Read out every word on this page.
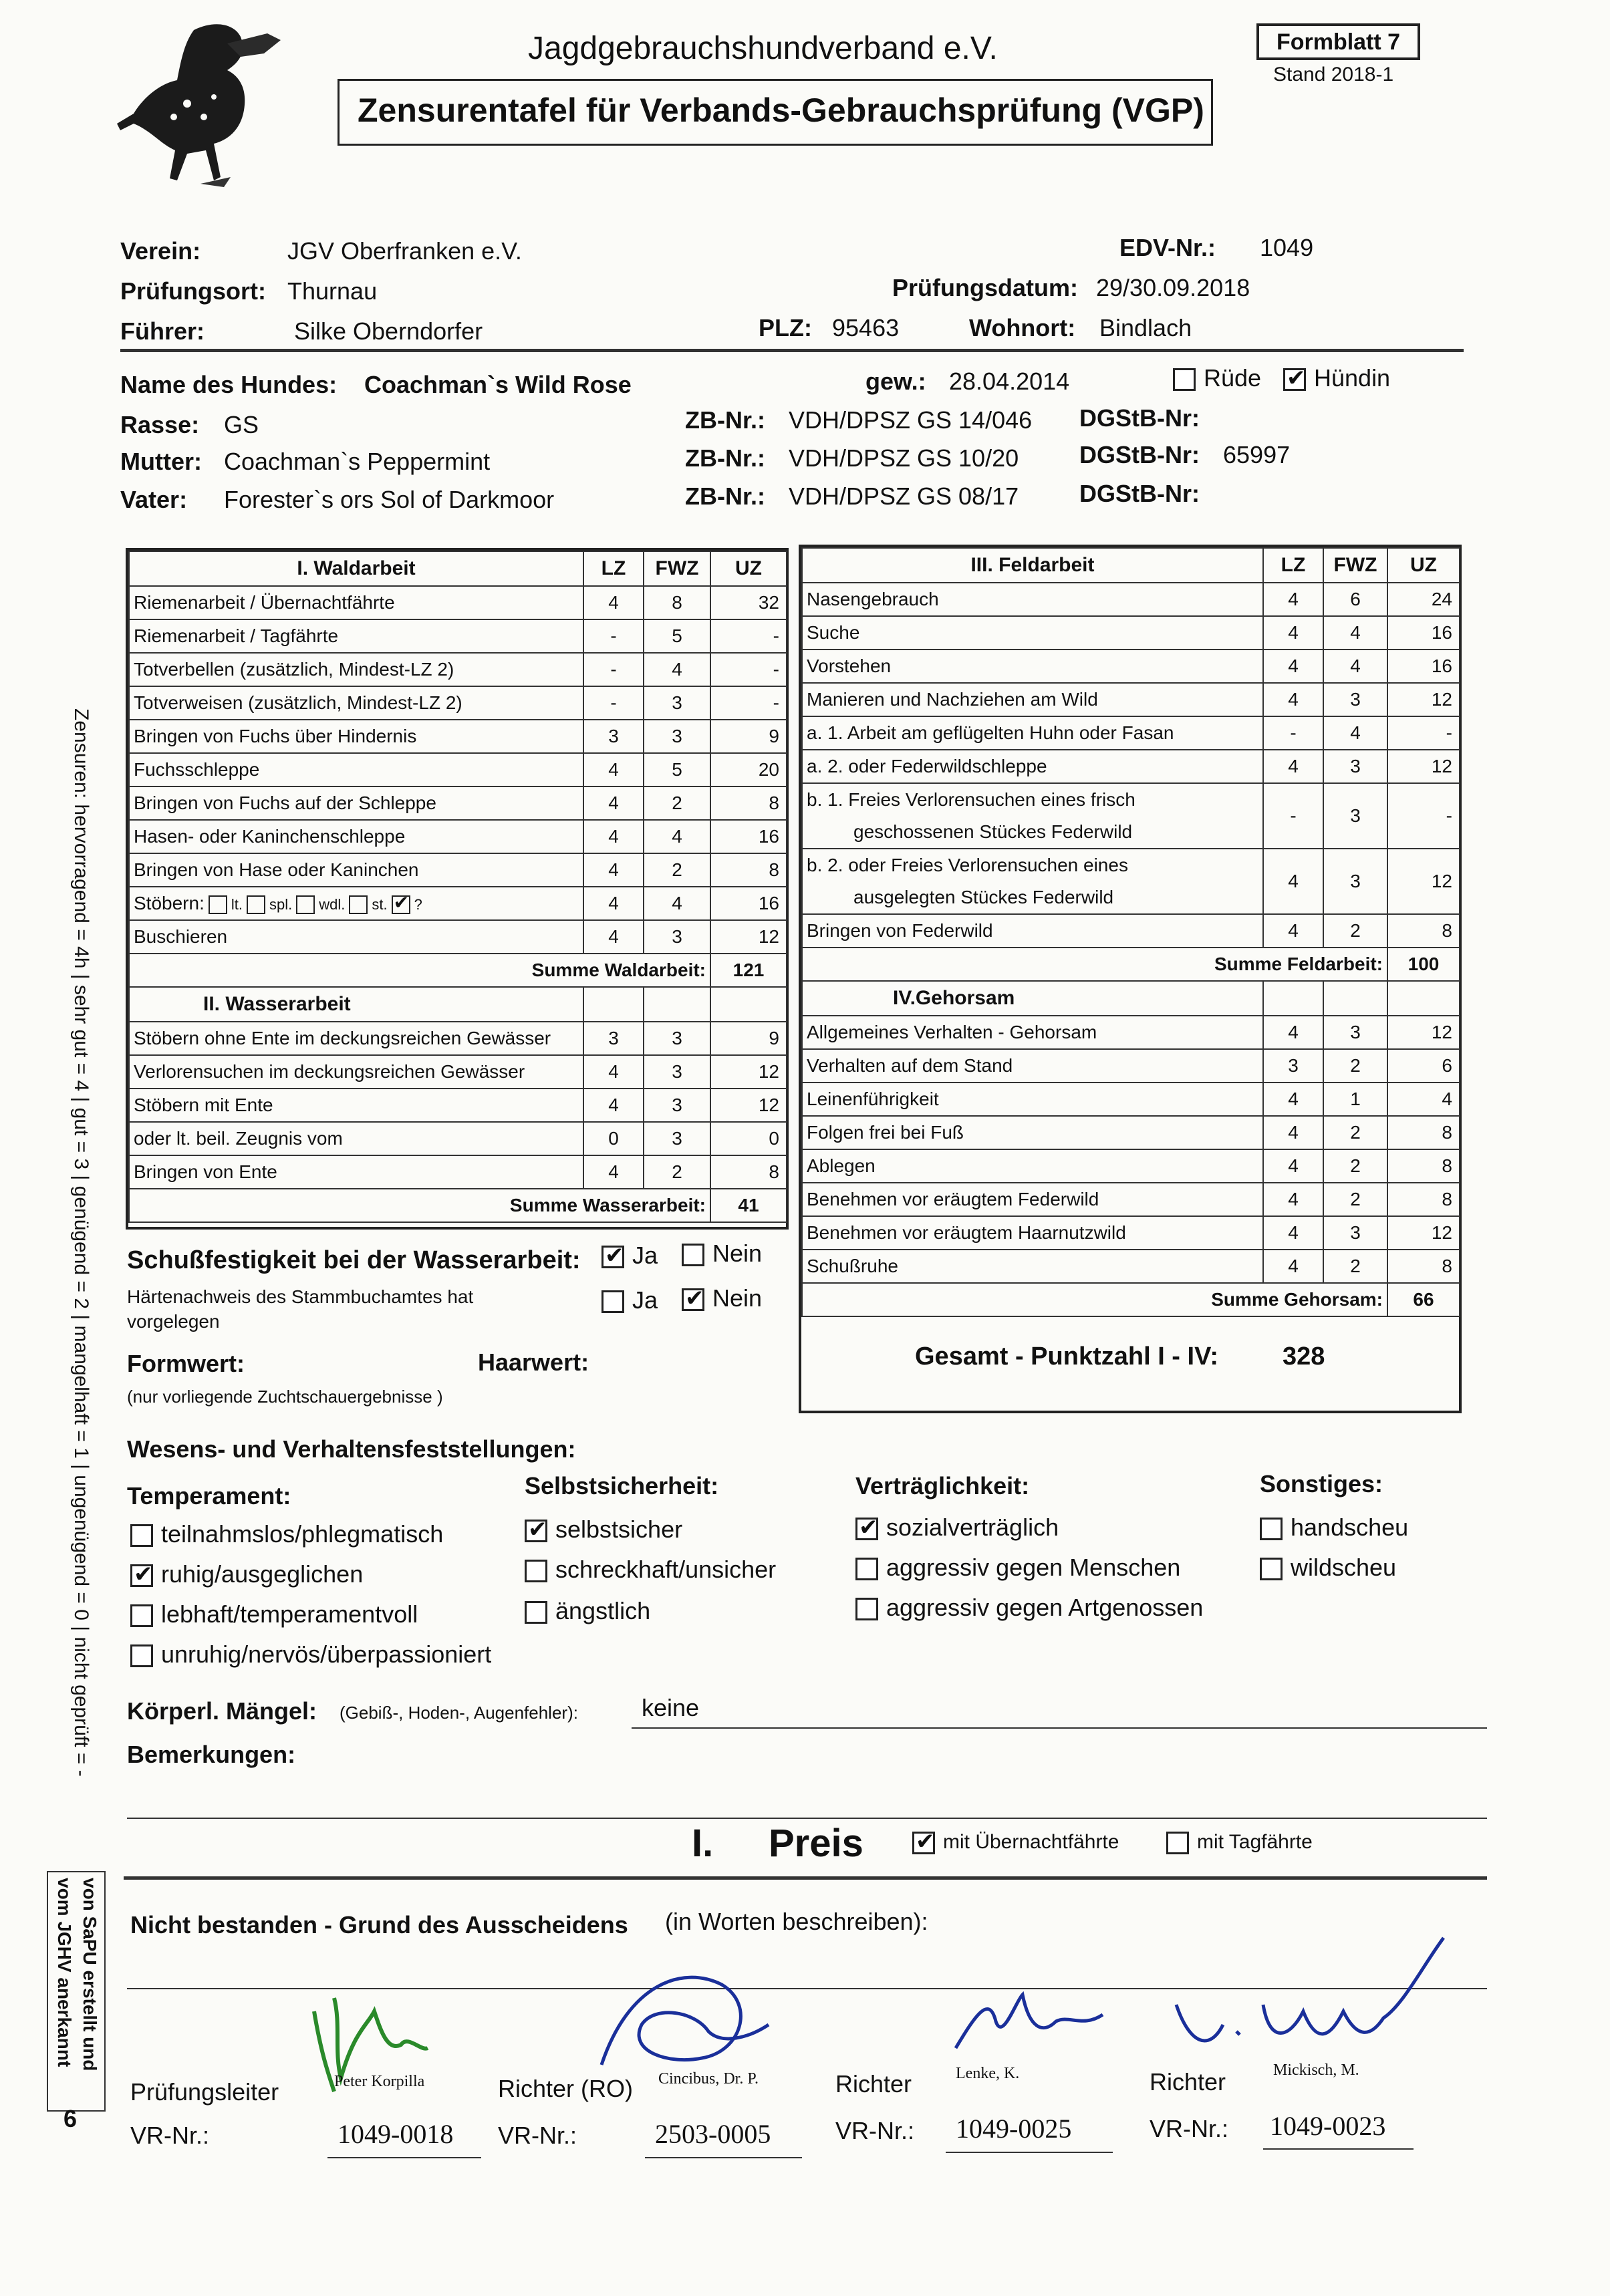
Jagdgebrauchshundverband e.V.
Zensurentafel für Verbands-Gebrauchsprüfung (VGP)
Formblatt 7
Stand 2018-1
Verein:	JGV Oberfranken e.V.	EDV-Nr.: 1049
Prüfungsort: Thurnau	Prüfungsdatum: 29/30.09.2018
Führer:	Silke Oberndorfer	PLZ: 95463	Wohnort: Bindlach
Name des Hundes: Coachman`s Wild Rose	gew.: 28.04.2014	Rüde ✔	Hündin
Rasse: GS	ZB-Nr.: VDH/DPSZ GS 14/046 DGStB-Nr:
Mutter: Coachman`s Peppermint	ZB-Nr.: VDH/DPSZ GS 10/20	DGStB-Nr: 65997
Vater: Forester`s ors Sol of Darkmoor	ZB-Nr.: VDH/DPSZ GS 08/17	DGStB-Nr:
I. Waldarbeit	LZ	FWZ	UZ
Riemenarbeit / Übernachtfährte	4	8	32
Riemenarbeit / Tagfährte	-	5	-
Totverbellen (zusätzlich, Mindest-LZ 2)	-	4	-
Totverweisen (zusätzlich, Mindest-LZ 2)	-	3	-
Bringen von Fuchs über Hindernis	3	3	9
Fuchsschleppe	4	5	20
Bringen von Fuchs auf der Schleppe	4	2	8
Hasen- oder Kaninchenschleppe	4	4	16
Bringen von Hase oder Kaninchen	4	2	8
Stöbern: lt. spl. wdl. st. ✔ ?	4	4	16
Buschieren	4	3	12
Summe Waldarbeit:			121
II. Wasserarbeit			
Stöbern ohne Ente im deckungsreichen Gewässer	3	3	9
Verlorensuchen im deckungsreichen Gewässer	4	3	12
Stöbern mit Ente	4	3	12
oder lt. beil. Zeugnis vom	0	3	0
Bringen von Ente	4	2	8
Summe Wasserarbeit:			41
III. Feldarbeit	LZ	FWZ	UZ
Nasengebrauch	4	6	24
Suche	4	4	16
Vorstehen	4	4	16
Manieren und Nachziehen am Wild	4	3	12
a. 1. Arbeit am geflügelten Huhn oder Fasan	-	4	-
a. 2. oder Federwildschleppe	4	3	12

b. 1. Freies Verlorensuchen eines frisch
geschossenen Stückes Federwild	-	3	-

b. 2. oder Freies Verlorensuchen eines
ausgelegten Stückes Federwild	4	3	12
Bringen von Federwild	4	2	8
Summe Feldarbeit:			100
IV.Gehorsam			
Allgemeines Verhalten - Gehorsam	4	3	12
Verhalten auf dem Stand	3	2	6
Leinenführigkeit	4	1	4
Folgen frei bei Fuß	4	2	8
Ablegen	4	2	8
Benehmen vor eräugtem Federwild	4	2	8
Benehmen vor eräugtem Haarnutzwild	4	3	12
Schußruhe	4	2	8
Summe Gehorsam:			66
Gesamt - Punktzahl I - IV:	328
Schußfestigkeit bei der Wasserarbeit: ✔	Ja	Nein
Härtenachweis des Stammbuchamtes hat
vorgelegen
Ja ✔	Nein
Formwert:	Haarwert:
(nur vorliegende Zuchtschauergebnisse )
Wesens- und Verhaltensfeststellungen:
Temperament:	Selbstsicherheit:	Verträglichkeit:	Sonstiges:
teilnahmslos/phlegmatisch
✔ruhig/ausgeglichen
lebhaft/temperamentvoll
unruhig/nervös/überpassioniert
✔selbstsicher
schreckhaft/unsicher
ängstlich
✔sozialverträglich
aggressiv gegen Menschen
aggressiv gegen Artgenossen
handscheu
wildscheu
Körperl. Mängel: (Gebiß-, Hoden-, Augenfehler):	keine
Bemerkungen:
I. Preis ✔	mit Übernachtfährte	mit Tagfährte
Nicht bestanden - Grund des Ausscheidens (in Worten beschreiben):
Prüfungsleiter	Peter Korpilla	Richter (RO) Cincibus, Dr. P.	Richter	Lenke, K.	Richter	Mickisch, M.
VR-Nr.:	1049-0018 VR-Nr.:	2503-0005	VR-Nr.: 1049-0025	VR-Nr.: 1049-0023
Zensuren: hervorragend = 4h | sehr gut = 4 | gut = 3 | genügend = 2 | mangelhaft = 1 | ungenügend = 0 | nicht geprüft = -
von SaPU erstellt und
vom JGHV anerkannt
6
